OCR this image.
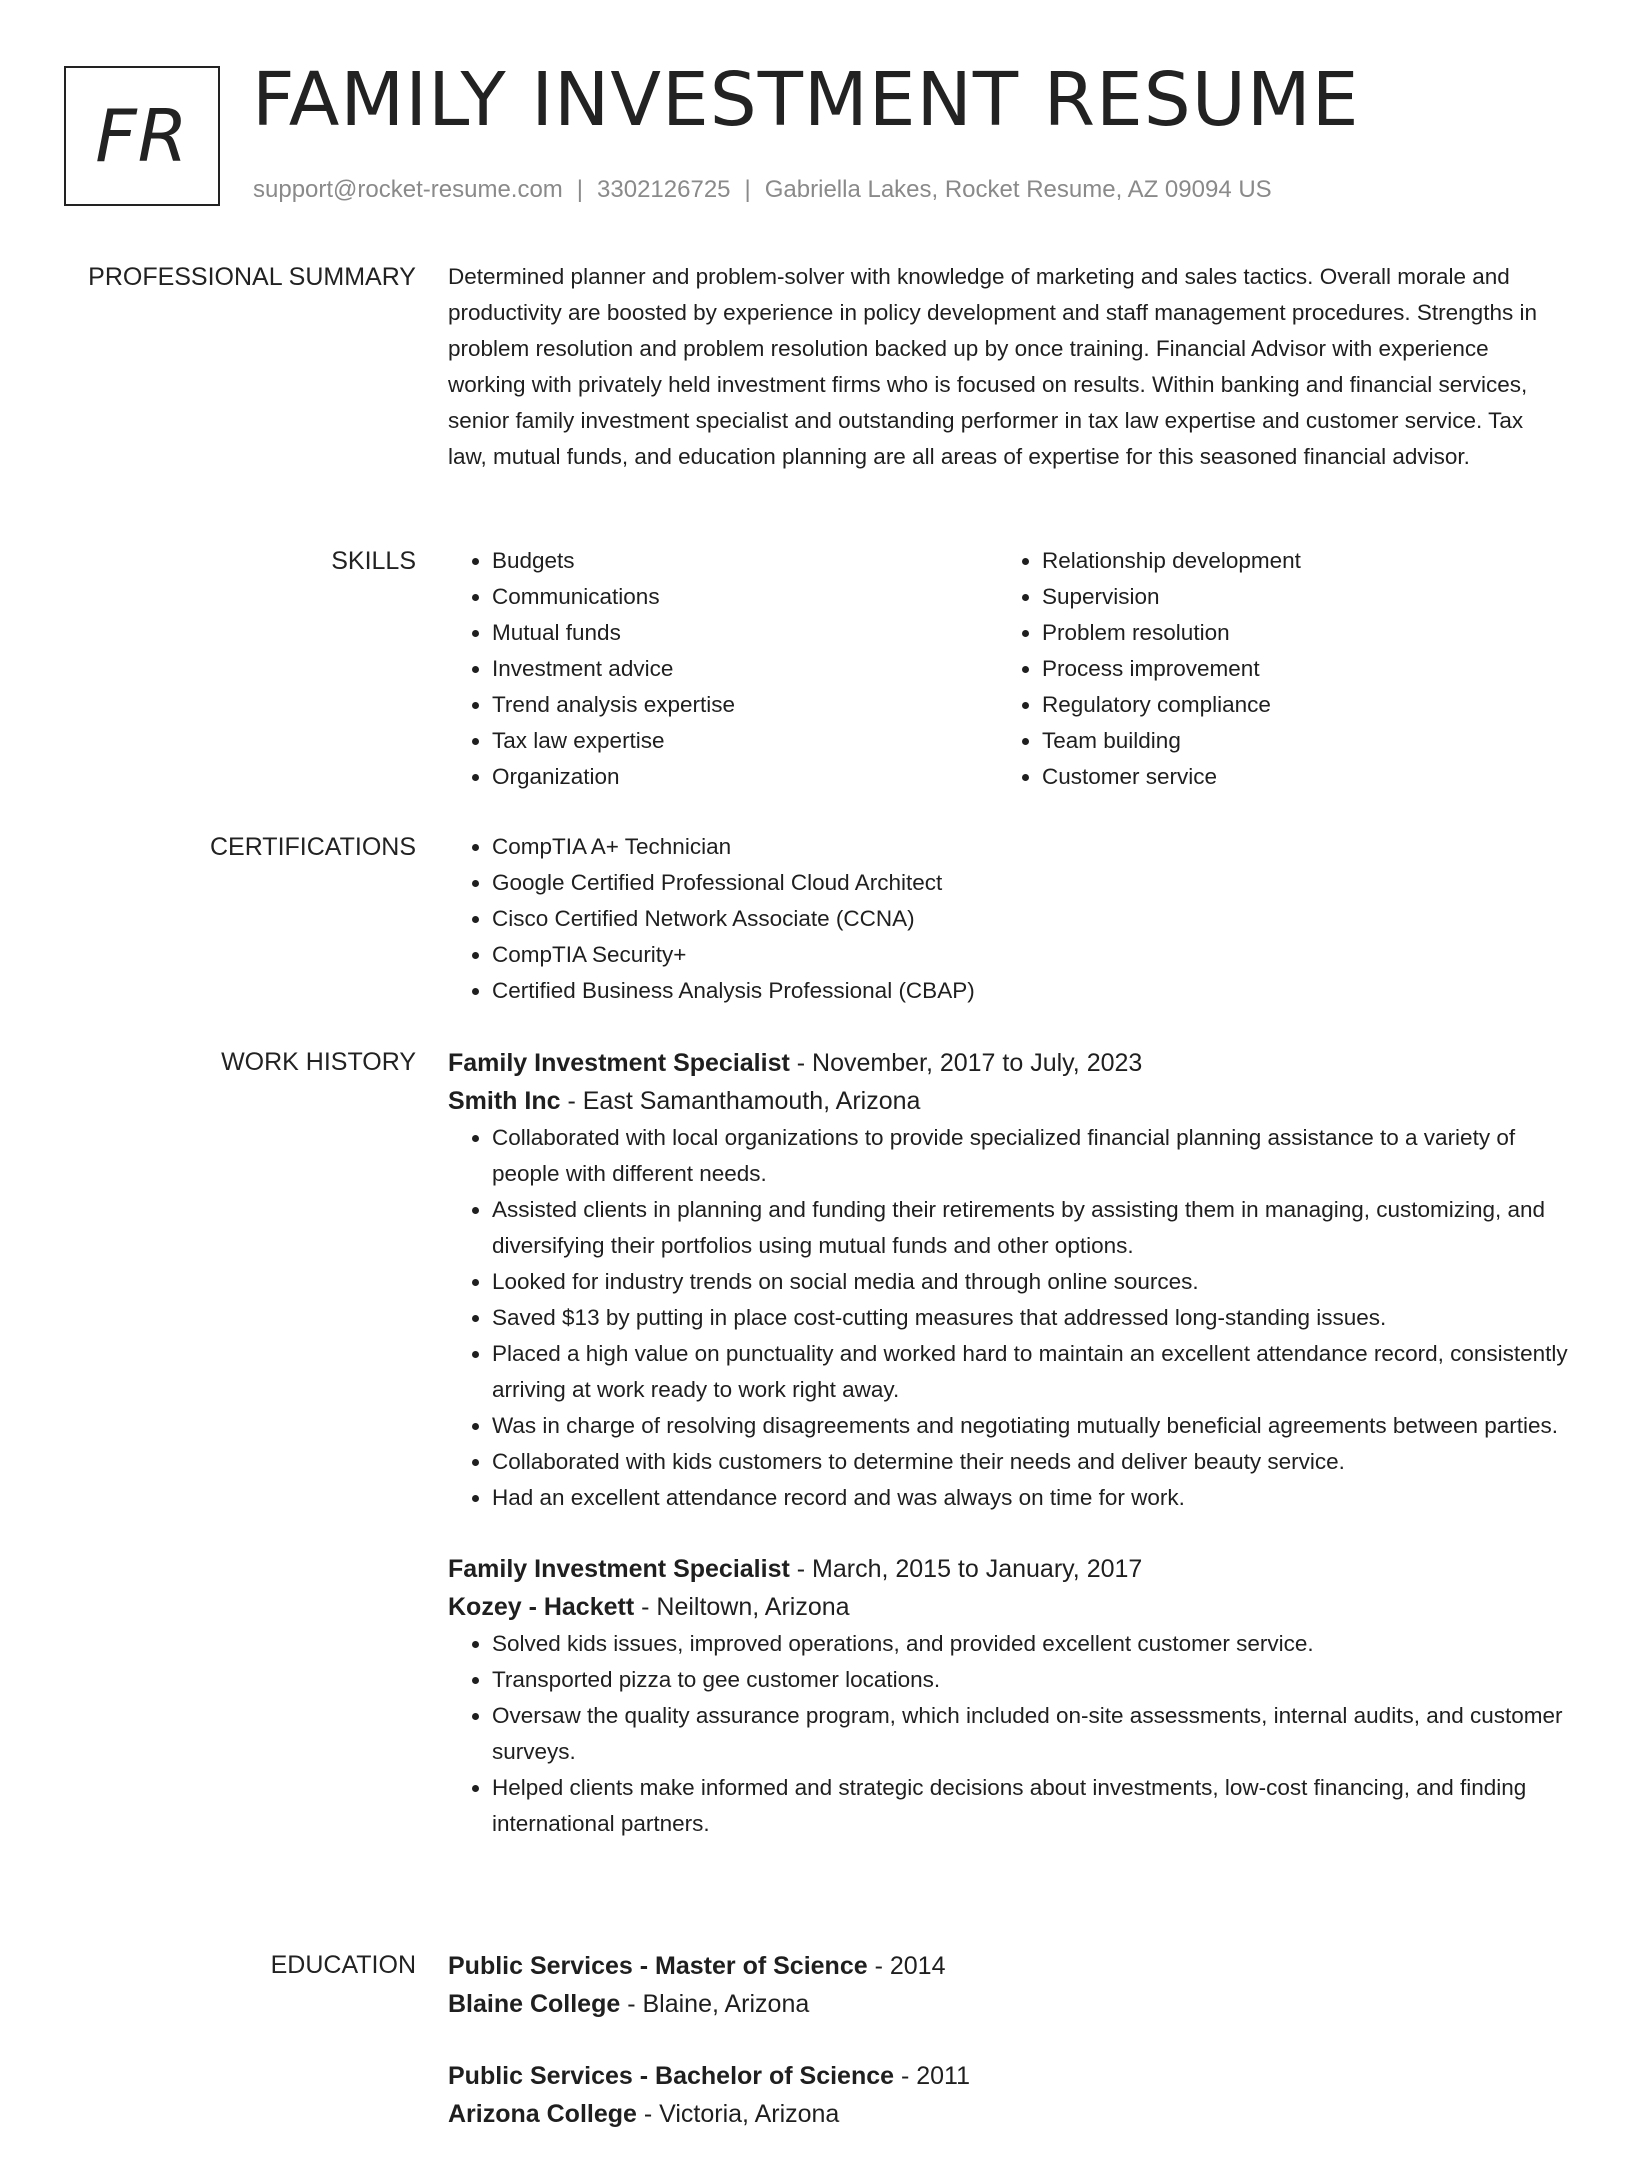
FR FAMILY INVESTMENT RESUME
support@rocket-resume.com | 3302126725 | Gabriella Lakes, Rocket Resume, AZ 09094 US
PROFESSIONAL SUMMARY Determined planner and problem-solver with knowledge of marketing and sales tactics. Overall morale and productivity are boosted by experience in policy development and staff management procedures. Strengths in problem resolution and problem resolution backed up by once training. Financial Advisor with experience working with privately held investment firms who is focused on results. Within banking and financial services, senior family investment specialist and outstanding performer in tax law expertise and customer service. Tax law, mutual funds, and education planning are all areas of expertise for this seasoned financial advisor.

SKILLS	• Budgets
• Communications
• Mutual funds
• Investment advice
• Trend analysis expertise
• Tax law expertise
• Organization
• Relationship development
• Supervision
• Problem resolution
• Process improvement
• Regulatory compliance
• Team building
• Customer service
CERTIFICATIONS	• CompTIA A+ Technician
• Google Certified Professional Cloud Architect
• Cisco Certified Network Associate (CCNA)
• CompTIA Security+
• Certified Business Analysis Professional (CBAP)
WORK HISTORY Family Investment Specialist - November, 2017 to July, 2023
Smith Inc - East Samanthamouth, Arizona
• Collaborated with local organizations to provide specialized financial planning assistance to a variety of people with different needs.
• Assisted clients in planning and funding their retirements by assisting them in managing, customizing, and diversifying their portfolios using mutual funds and other options.
• Looked for industry trends on social media and through online sources.
• Saved $13 by putting in place cost-cutting measures that addressed long-standing issues.
• Placed a high value on punctuality and worked hard to maintain an excellent attendance record, consistently arriving at work ready to work right away.
• Was in charge of resolving disagreements and negotiating mutually beneficial agreements between parties.
• Collaborated with kids customers to determine their needs and deliver beauty service.
• Had an excellent attendance record and was always on time for work.
Family Investment Specialist - March, 2015 to January, 2017
Kozey - Hackett - Neiltown, Arizona
• Solved kids issues, improved operations, and provided excellent customer service.
• Transported pizza to gee customer locations.
• Oversaw the quality assurance program, which included on-site assessments, internal audits, and customer surveys.
• Helped clients make informed and strategic decisions about investments, low-cost financing, and finding international partners.
EDUCATION Public Services - Master of Science - 2014
Blaine College - Blaine, Arizona
Public Services - Bachelor of Science - 2011
Arizona College - Victoria, Arizona
